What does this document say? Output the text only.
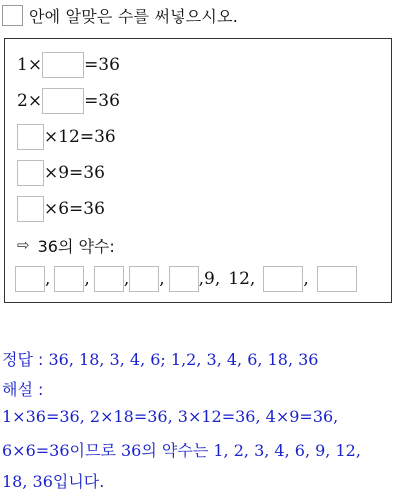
안에 알맞은 수를 써넣으시오.
1× =36
2× =36
×12=36
×9=36
×6=36
⇨ 36의 약수:
, , , , , 9, 12,	,
정답 : 36, 18, 3, 4, 6; 1,2, 3, 4, 6, 18, 36
해설 :
1×36=36, 2×18=36, 3×12=36, 4×9=36,
6×6=36이므로 36의 약수는 1, 2, 3, 4, 6, 9, 12,
18, 36입니다.
